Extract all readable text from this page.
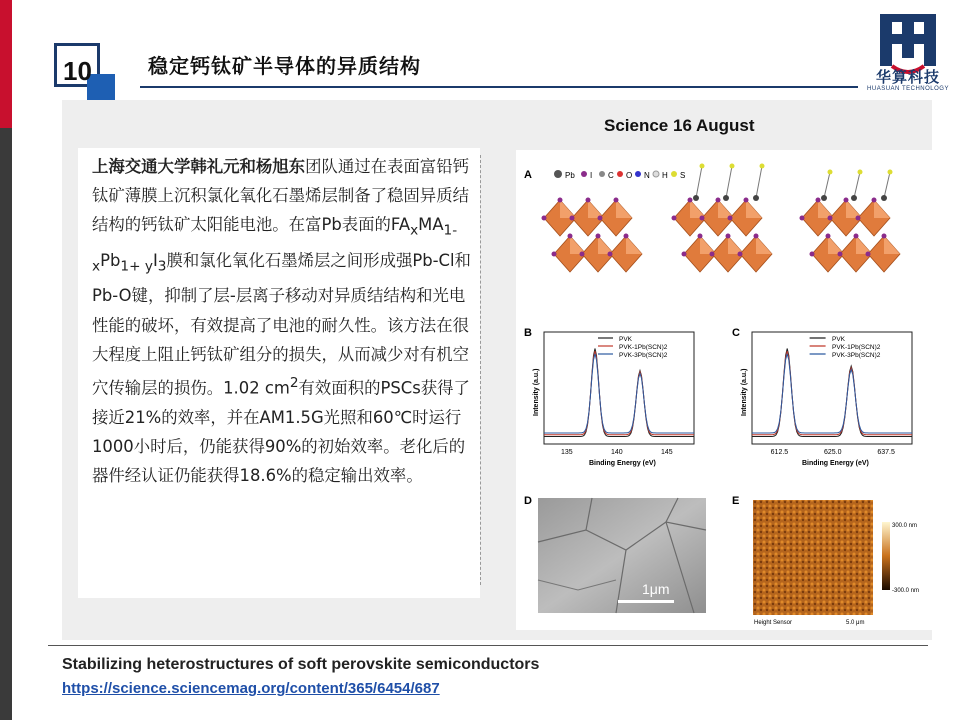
10	稳定钙钛矿半导体的异质结构	华算科技
HUASUAN TECHNOLOGY
上海交通大学韩礼元和杨旭东团队通过在表面富铅钙钛矿薄膜上沉积氯化氧化石墨烯层制备了稳固异质结结构的钙钛矿太阳能电池。在富Pb表面的$FA_xMA_{1-}$
$_xPb_{1+ y}I_3$膜和氯化氧化石墨烯层之间形成强Pb-Cl和Pb-O键，抑制了层-层离子移动对异质结结构和光电性能的破坏，有效提高了电池的耐久性。该方法在很大程度上阻止钙钛矿组分的损失，从而减少对有机空穴传输层的损伤。1.02 $cm^2$有效面积的PSCs获得了接近21%的效率，并在AM1.5G光照和60℃时运行1000小时后，仍能获得90%的初始效率。老化后的器件经认证仍能获得18.6%的稳定输出效率。
Science 16 August
A	Pb I C O N H S
B	C
PVK
PVK-1Pb(SCN)2
PVK-3Pb(SCN)2
135	140	145
Binding Energy (eV)
Intensity (a.u.)
PVK
PVK-1Pb(SCN)2
PVK-3Pb(SCN)2
612.5	625.0	637.5
Binding Energy (eV)
Intensity (a.u.)
D	E
1μm
300.0 nm
-300.0 nm
Height Sensor	5.0 μm
Stabilizing heterostructures of soft perovskite semiconductors
https://science.sciencemag.org/content/365/6454/687
